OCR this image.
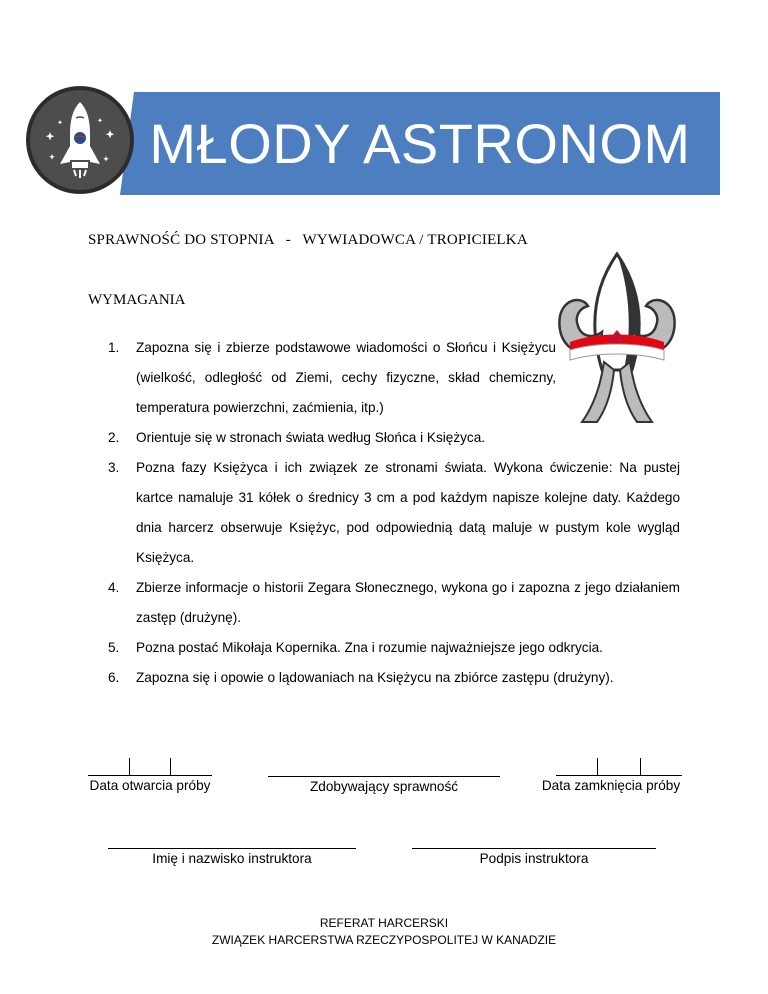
MŁODY ASTRONOM
SPRAWNOŚĆ DO STOPNIA   -   WYWIADOWCA / TROPICIELKA
WYMAGANIA
1. Zapozna się i zbierze podstawowe wiadomości o Słońcu i Księżycu (wielkość, odległość od Ziemi, cechy fizyczne, skład chemiczny, temperatura powierzchni, zaćmienia, itp.)
2. Orientuje się w stronach świata według Słońca i Księżyca.
3. Pozna fazy Księżyca i ich związek ze stronami świata. Wykona ćwiczenie: Na pustej kartce namaluje 31 kółek o średnicy 3 cm a pod każdym napisze kolejne daty. Każdego dnia harcerz obserwuje Księżyc, pod odpowiednią datą maluje w pustym kole wygląd Księżyca.
4. Zbierze informacje o historii Zegara Słonecznego, wykona go i zapozna z jego działaniem zastęp (drużynę).
5. Pozna postać Mikołaja Kopernika. Zna i rozumie najważniejsze jego odkrycia.
6. Zapozna się i opowie o lądowaniach na Księżycu na zbiórce zastępu (drużyny).
Data otwarcia próby	Zdobywający sprawność	Data zamknięcia próby
Imię i nazwisko instruktora	Podpis instruktora
REFERAT HARCERSKI
ZWIĄZEK HARCERSTWA RZECZYPOSPOLITEJ W KANADZIE
